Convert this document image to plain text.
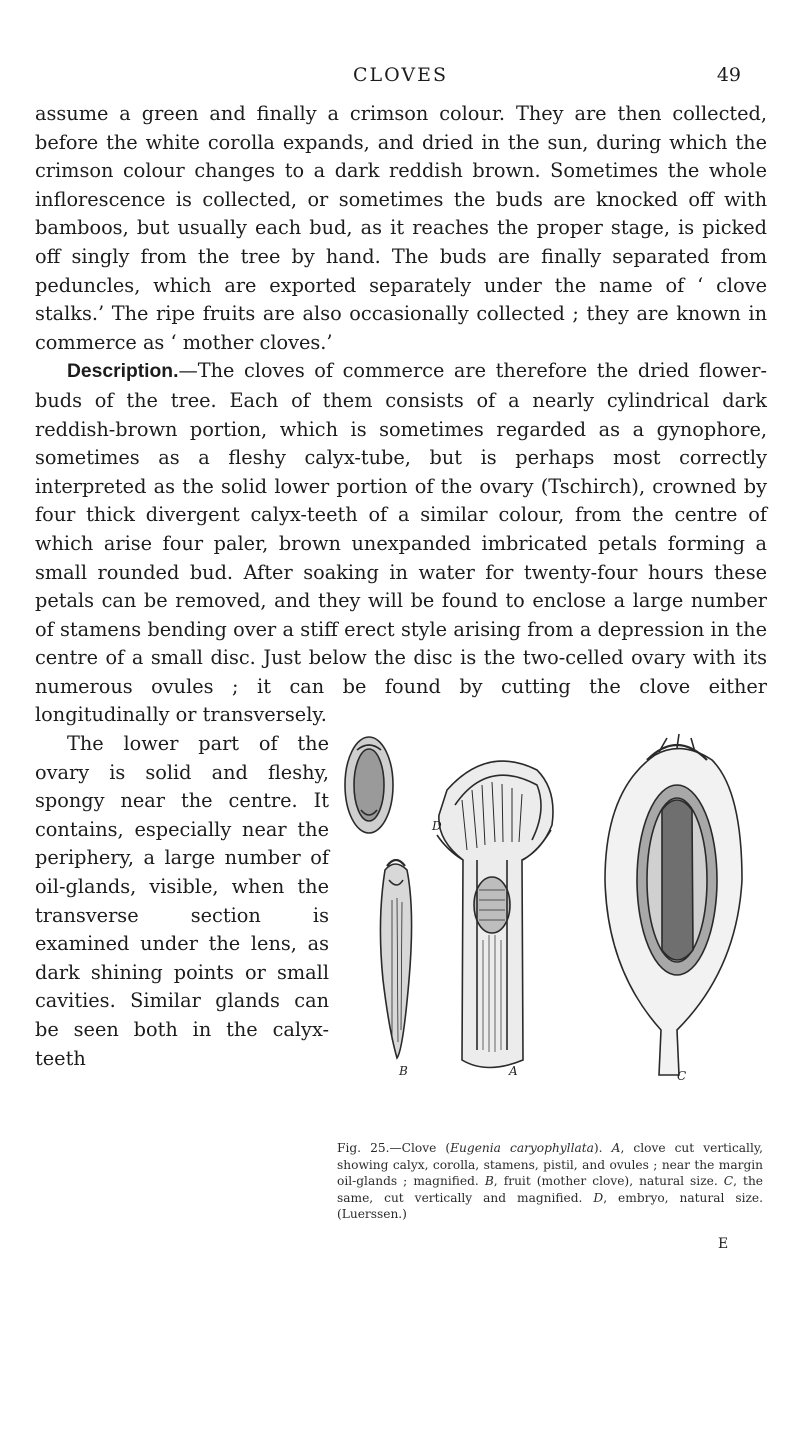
CLOVES	49

assume a green and finally a crimson colour. They are then collected, before the white corolla expands, and dried in the sun, during which the crimson colour changes to a dark reddish brown. Sometimes the whole inflorescence is collected, or sometimes the buds are knocked off with bamboos, but usually each bud, as it reaches the proper stage, is picked off singly from the tree by hand. The buds are finally separated from peduncles, which are exported separately under the name of ‘ clove stalks.’ The ripe fruits are also occasionally collected ; they are known in commerce as ‘ mother cloves.’

Description.—The cloves of commerce are therefore the dried flower-buds of the tree. Each of them consists of a nearly cylindrical dark reddish-brown portion, which is sometimes regarded as a gynophore, sometimes as a fleshy calyx-tube, but is perhaps most correctly interpreted as the solid lower portion of the ovary (Tschirch), crowned by four thick divergent calyx-teeth of a similar colour, from the centre of which arise four paler, brown unexpanded imbricated petals forming a small rounded bud. After soaking in water for twenty-four hours these petals can be removed, and they will be found to enclose a large number of stamens bending over a stiff erect style arising from a depression in the centre of a small disc. Just below the disc is the two-celled ovary with its numerous ovules ; it can be found by cutting the clove either longitudinally or transversely.

D
B	A	C

Fig. 25.—Clove (Eugenia caryophyllata). A, clove cut vertically, showing calyx, corolla, stamens, pistil, and ovules ; near the margin oil-glands ; magnified. B, fruit (mother clove), natural size. C, the same, cut vertically and magnified. D, embryo, natural size. (Luerssen.)

The lower part of the ovary is solid and fleshy, spongy near the centre. It contains, especially near the periphery, a large number of oil-glands, visible, when the transverse section is examined under the lens, as dark shining points or small cavities. Similar glands can be seen both in the calyx-teeth

E
